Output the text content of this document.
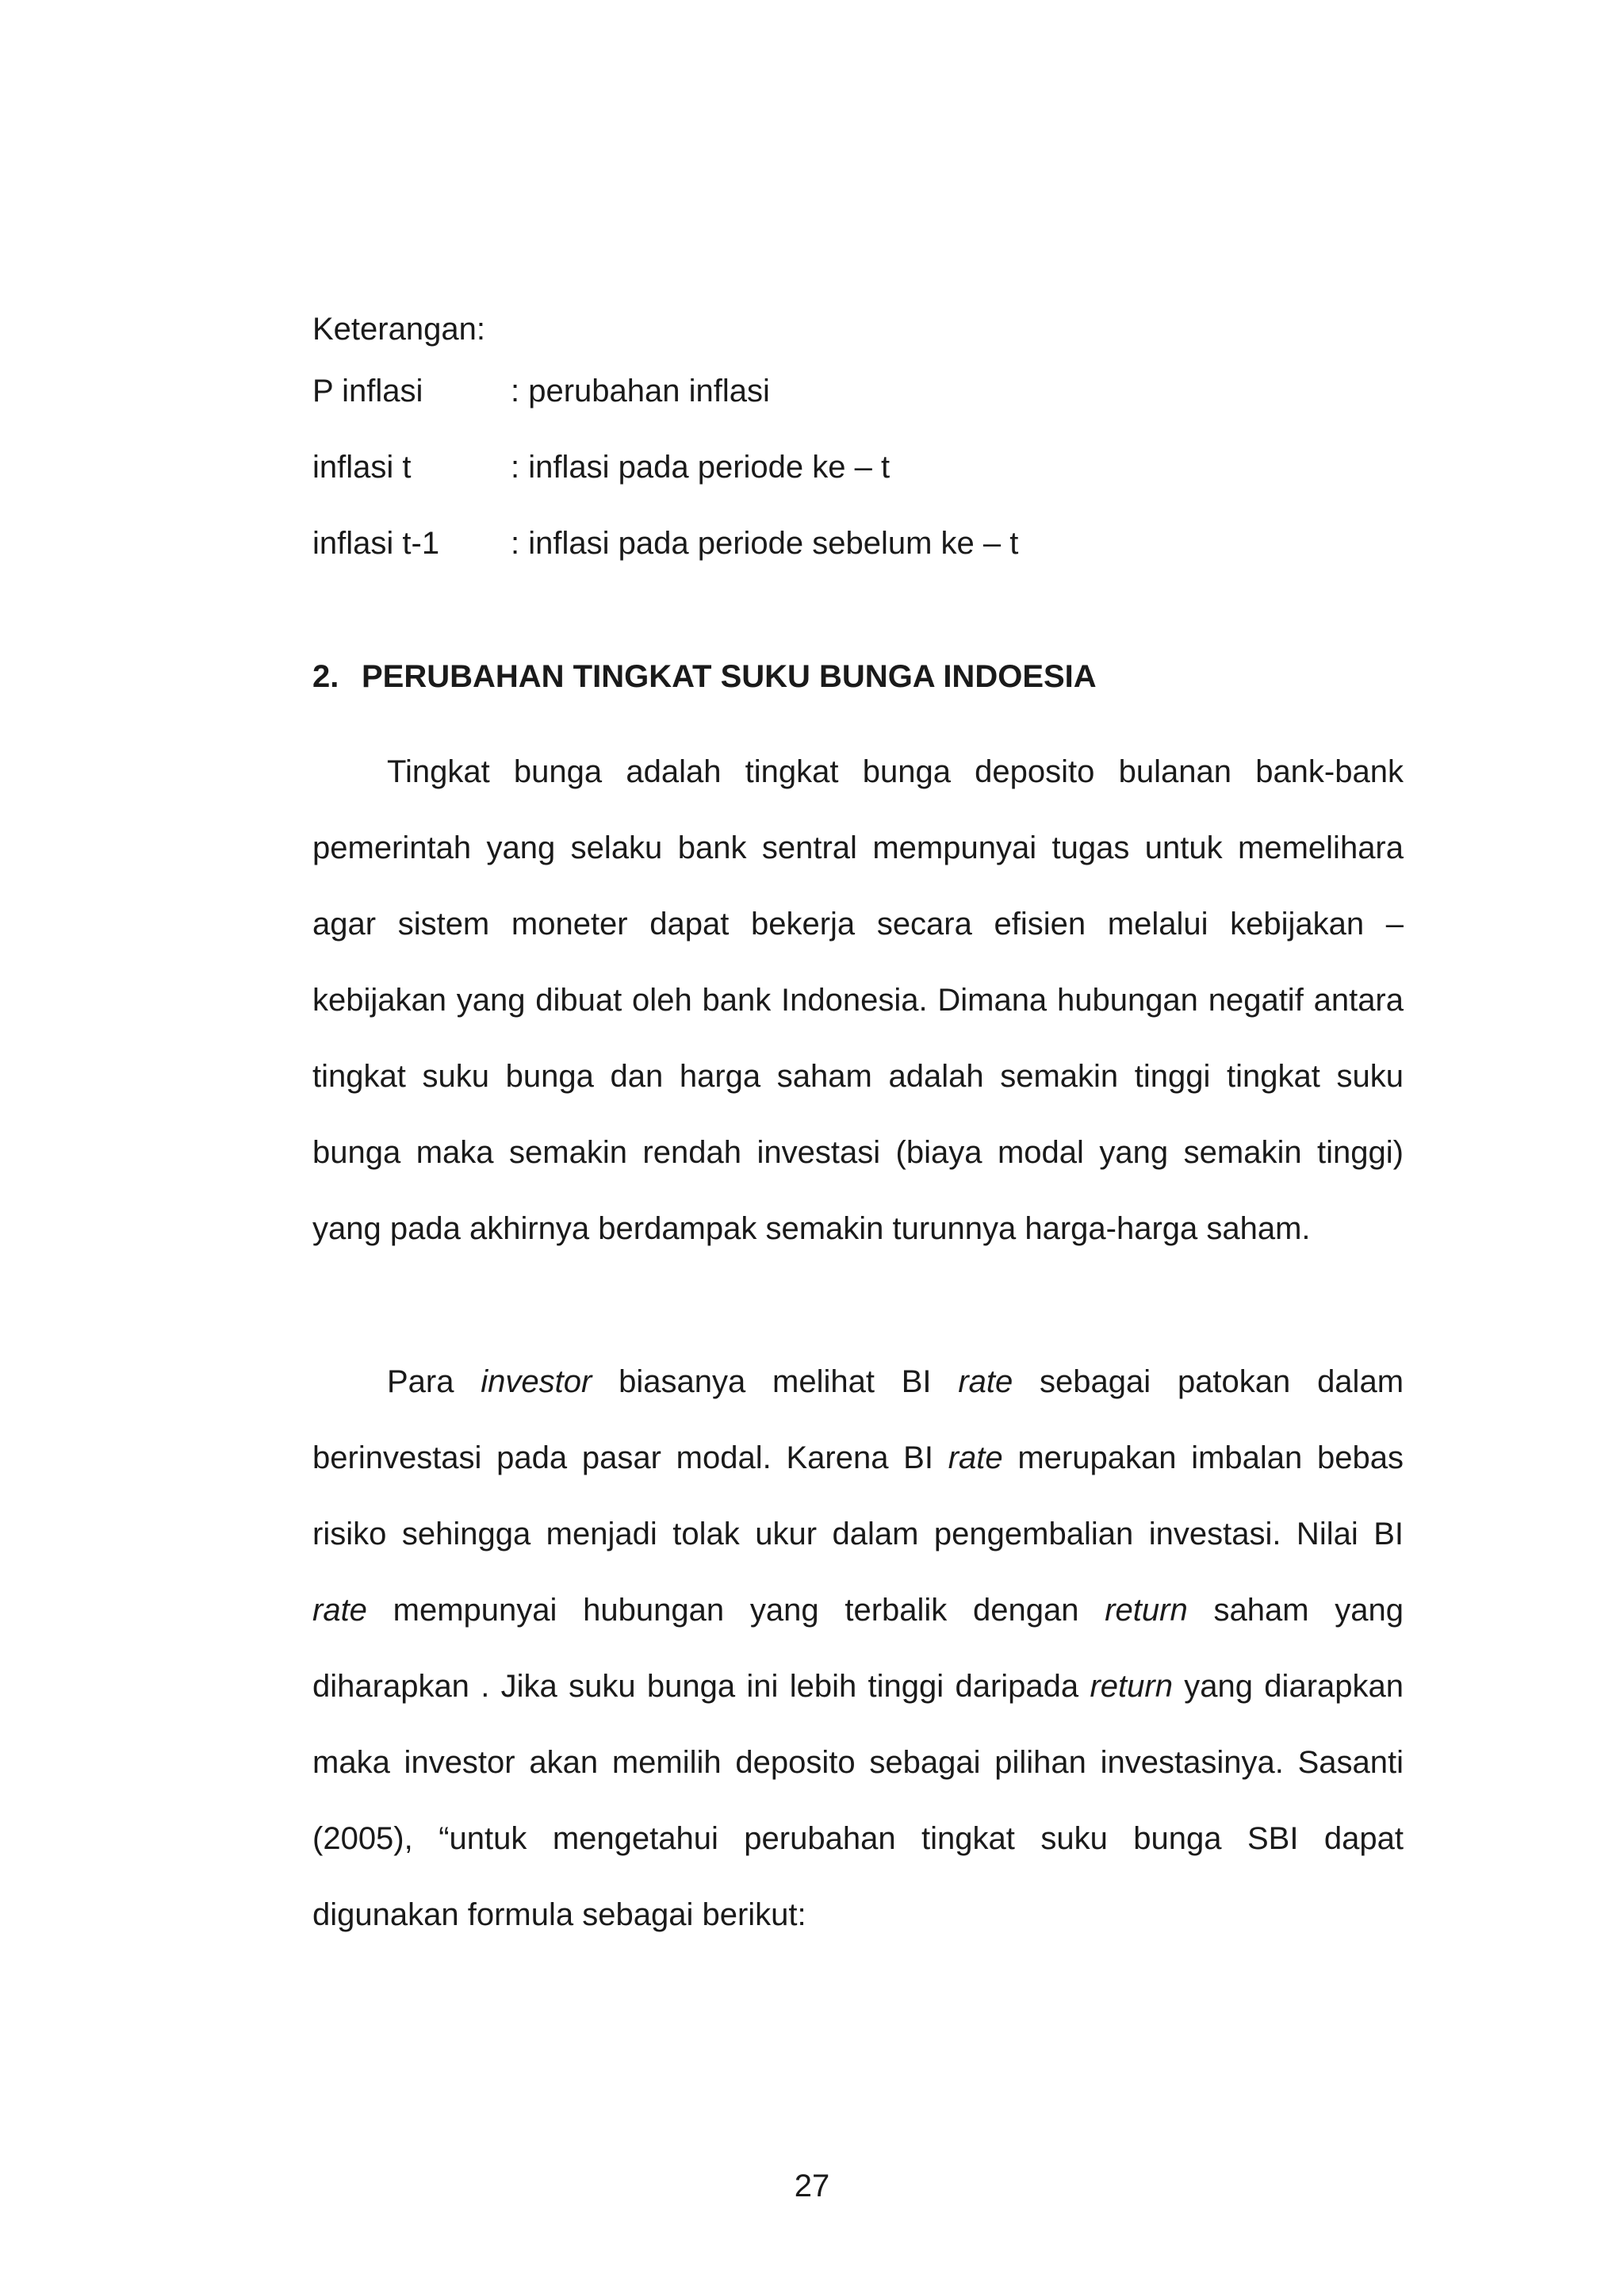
Keterangan:

P inflasi	: perubahan inflasi
inflasi t	: inflasi pada periode ke – t
inflasi t-1	: inflasi pada periode sebelum ke – t
2. PERUBAHAN TINGKAT SUKU BUNGA INDOESIA

Tingkat bunga adalah tingkat bunga deposito bulanan bank-bank pemerintah yang selaku bank sentral mempunyai tugas untuk memelihara agar sistem moneter dapat bekerja secara efisien melalui kebijakan – kebijakan yang dibuat oleh bank Indonesia. Dimana hubungan negatif antara tingkat suku bunga dan harga saham adalah semakin tinggi tingkat suku bunga maka semakin rendah investasi (biaya modal yang semakin tinggi) yang pada akhirnya berdampak semakin turunnya harga-harga saham.

Para investor biasanya melihat BI rate sebagai patokan dalam berinvestasi pada pasar modal. Karena BI rate merupakan imbalan bebas risiko sehingga menjadi tolak ukur dalam pengembalian investasi. Nilai BI rate mempunyai hubungan yang terbalik dengan return saham yang diharapkan . Jika suku bunga ini lebih tinggi daripada return yang diarapkan maka investor akan memilih deposito sebagai pilihan investasinya. Sasanti (2005), “untuk mengetahui perubahan tingkat suku bunga SBI dapat digunakan formula sebagai berikut:

27
